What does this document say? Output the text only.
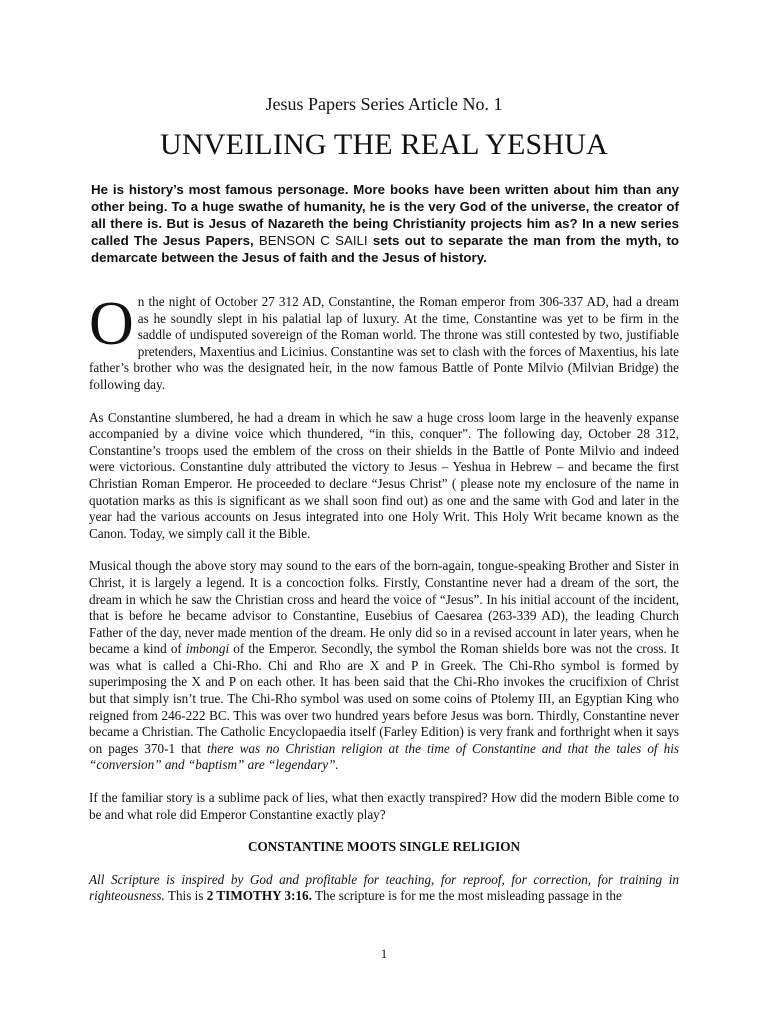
Jesus Papers Series Article No. 1
UNVEILING THE REAL YESHUA
He is history’s most famous personage. More books have been written about him than any other being. To a huge swathe of humanity, he is the very God of the universe, the creator of all there is. But is Jesus of Nazareth the being Christianity projects him as? In a new series called The Jesus Papers, BENSON C SAILI sets out to separate the man from the myth, to demarcate between the Jesus of faith and the Jesus of history.

On the night of October 27 312 AD, Constantine, the Roman emperor from 306-337 AD, had a dream as he soundly slept in his palatial lap of luxury. At the time, Constantine was yet to be firm in the saddle of undisputed sovereign of the Roman world. The throne was still contested by two, justifiable pretenders, Maxentius and Licinius. Constantine was set to clash with the forces of Maxentius, his late father’s brother who was the designated heir, in the now famous Battle of Ponte Milvio (Milvian Bridge) the following day.

As Constantine slumbered, he had a dream in which he saw a huge cross loom large in the heavenly expanse accompanied by a divine voice which thundered, “in this, conquer”. The following day, October 28 312, Constantine’s troops used the emblem of the cross on their shields in the Battle of Ponte Milvio and indeed were victorious. Constantine duly attributed the victory to Jesus – Yeshua in Hebrew – and became the first Christian Roman Emperor. He proceeded to declare “Jesus Christ” ( please note my enclosure of the name in quotation marks as this is significant as we shall soon find out) as one and the same with God and later in the year had the various accounts on Jesus integrated into one Holy Writ. This Holy Writ became known as the Canon. Today, we simply call it the Bible.

Musical though the above story may sound to the ears of the born-again, tongue-speaking Brother and Sister in Christ, it is largely a legend. It is a concoction folks. Firstly, Constantine never had a dream of the sort, the dream in which he saw the Christian cross and heard the voice of “Jesus”. In his initial account of the incident, that is before he became advisor to Constantine, Eusebius of Caesarea (263-339 AD), the leading Church Father of the day, never made mention of the dream. He only did so in a revised account in later years, when he became a kind of imbongi of the Emperor. Secondly, the symbol the Roman shields bore was not the cross. It was what is called a Chi-Rho. Chi and Rho are X and P in Greek. The Chi-Rho symbol is formed by superimposing the X and P on each other. It has been said that the Chi-Rho invokes the crucifixion of Christ but that simply isn’t true. The Chi-Rho symbol was used on some coins of Ptolemy III, an Egyptian King who reigned from 246-222 BC. This was over two hundred years before Jesus was born. Thirdly, Constantine never became a Christian. The Catholic Encyclopaedia itself (Farley Edition) is very frank and forthright when it says on pages 370-1 that there was no Christian religion at the time of Constantine and that the tales of his “conversion” and “baptism” are “legendary”.

If the familiar story is a sublime pack of lies, what then exactly transpired? How did the modern Bible come to be and what role did Emperor Constantine exactly play?

CONSTANTINE MOOTS SINGLE RELIGION

All Scripture is inspired by God and profitable for teaching, for reproof, for correction, for training in righteousness. This is 2 TIMOTHY 3:16. The scripture is for me the most misleading passage in the

1
